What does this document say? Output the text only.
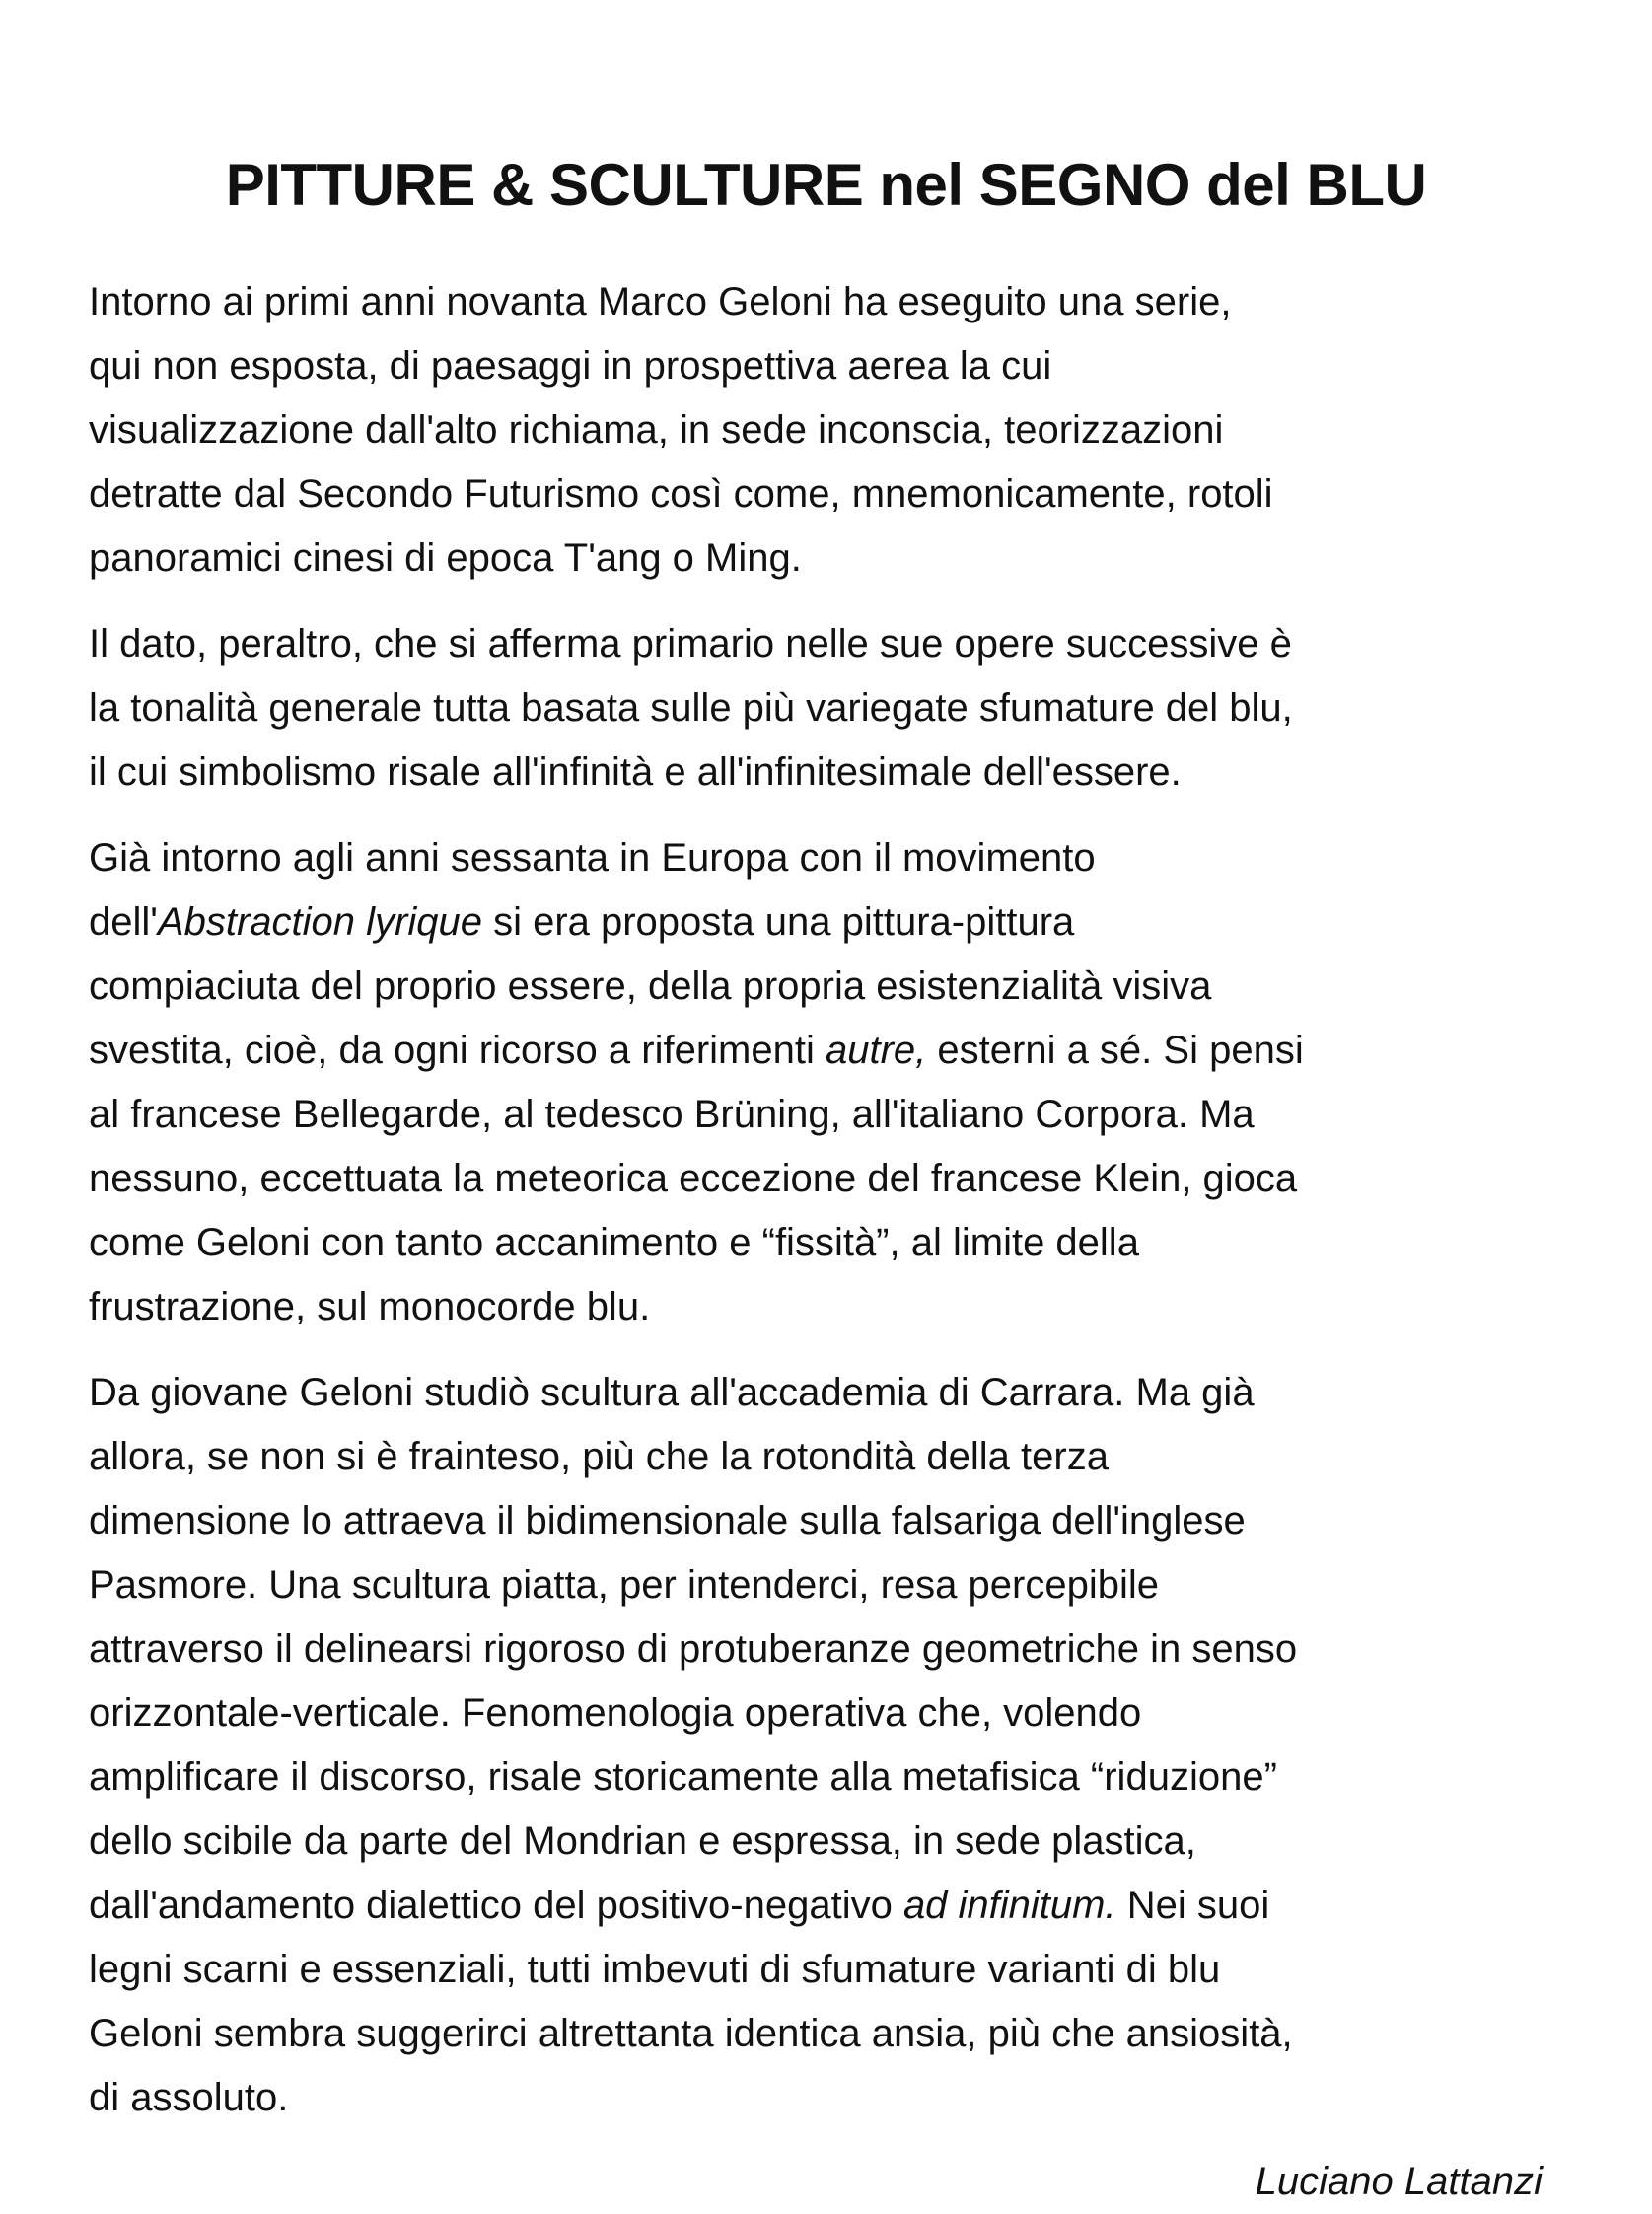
PITTURE & SCULTURE nel SEGNO del BLU
Intorno ai primi anni novanta Marco Geloni ha eseguito una serie,
qui non esposta, di paesaggi in prospettiva aerea la cui
visualizzazione dall'alto richiama, in sede inconscia, teorizzazioni
detratte dal Secondo Futurismo così come, mnemonicamente, rotoli
panoramici cinesi di epoca T'ang o Ming.
Il dato, peraltro, che si afferma primario nelle sue opere successive è
la tonalità generale tutta basata sulle più variegate sfumature del blu,
il cui simbolismo risale all'infinità e all'infinitesimale dell'essere.
Già intorno agli anni sessanta in Europa con il movimento
dell'Abstraction lyrique si era proposta una pittura-pittura
compiaciuta del proprio essere, della propria esistenzialità visiva
svestita, cioè, da ogni ricorso a riferimenti autre, esterni a sé. Si pensi
al francese Bellegarde, al tedesco Brüning, all'italiano Corpora. Ma
nessuno, eccettuata la meteorica eccezione del francese Klein, gioca
come Geloni con tanto accanimento e “fissità”, al limite della
frustrazione, sul monocorde blu.
Da giovane Geloni studiò scultura all'accademia di Carrara. Ma già
allora, se non si è frainteso, più che la rotondità della terza
dimensione lo attraeva il bidimensionale sulla falsariga dell'inglese
Pasmore. Una scultura piatta, per intenderci, resa percepibile
attraverso il delinearsi rigoroso di protuberanze geometriche in senso
orizzontale-verticale. Fenomenologia operativa che, volendo
amplificare il discorso, risale storicamente alla metafisica “riduzione”
dello scibile da parte del Mondrian e espressa, in sede plastica,
dall'andamento dialettico del positivo-negativo ad infinitum. Nei suoi
legni scarni e essenziali, tutti imbevuti di sfumature varianti di blu
Geloni sembra suggerirci altrettanta identica ansia, più che ansiosità,
di assoluto.
Luciano Lattanzi
